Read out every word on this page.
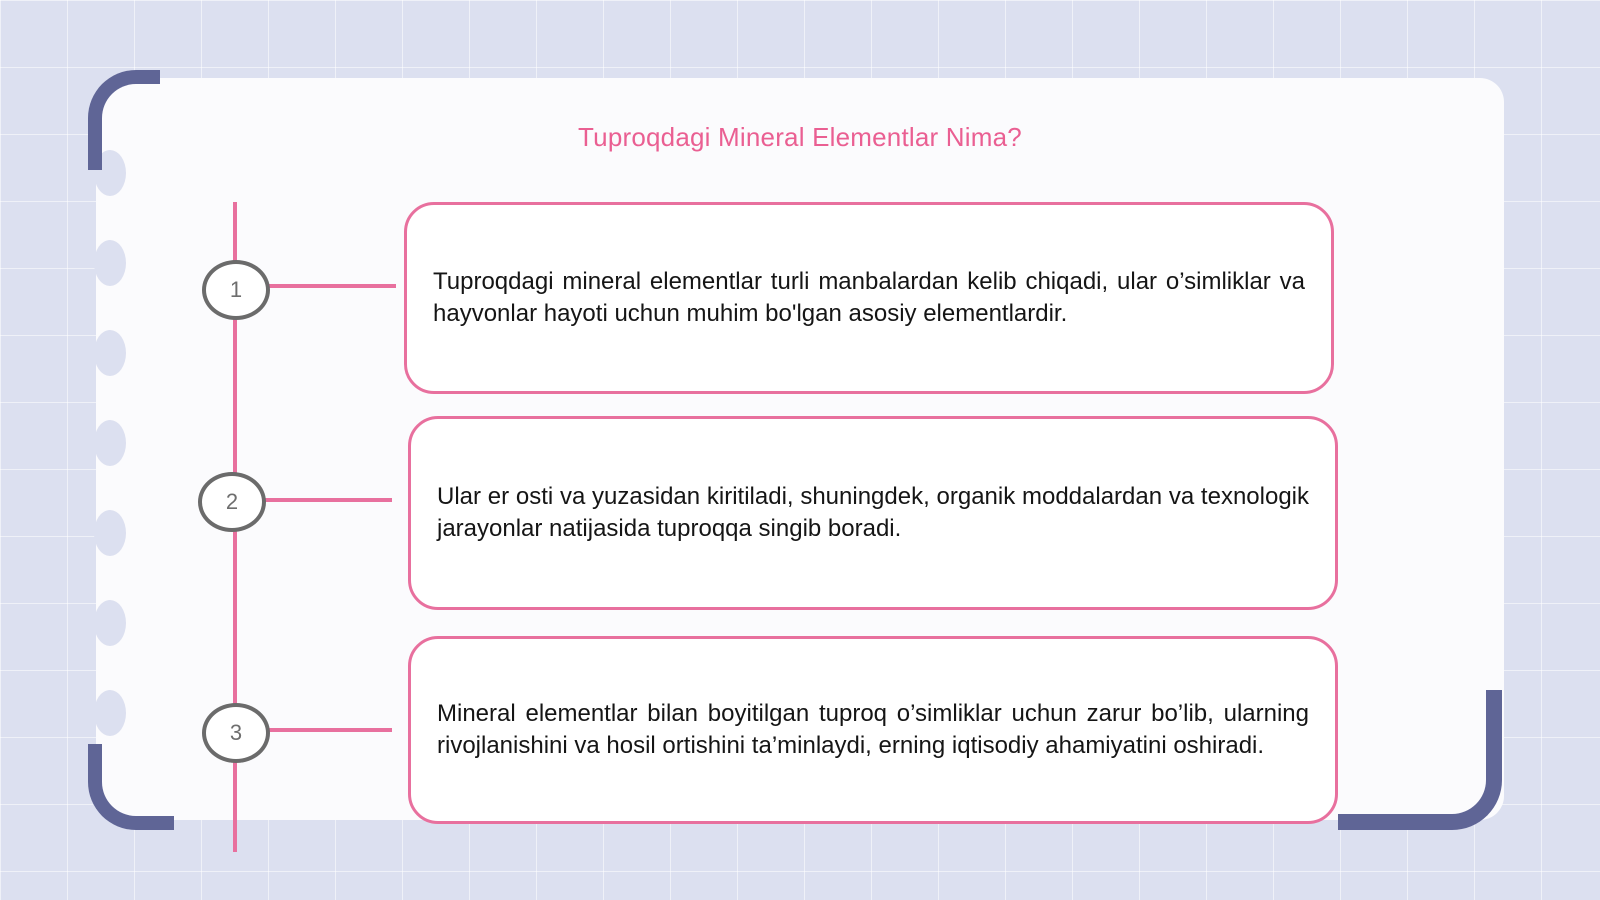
Tuproqdagi Mineral Elementlar Nima?
1	Tuproqdagi mineral elementlar turli manbalardan kelib chiqadi, ular o’simliklar va hayvonlar hayoti uchun muhim bo'lgan asosiy elementlardir.
2	Ular er osti va yuzasidan kiritiladi, shuningdek, organik moddalardan va texnologik jarayonlar natijasida tuproqqa singib boradi.
3
Mineral elementlar bilan boyitilgan tuproq o’simliklar uchun zarur bo’lib, ularning rivojlanishini va hosil ortishini ta’minlaydi, erning iqtisodiy ahamiyatini oshiradi.
